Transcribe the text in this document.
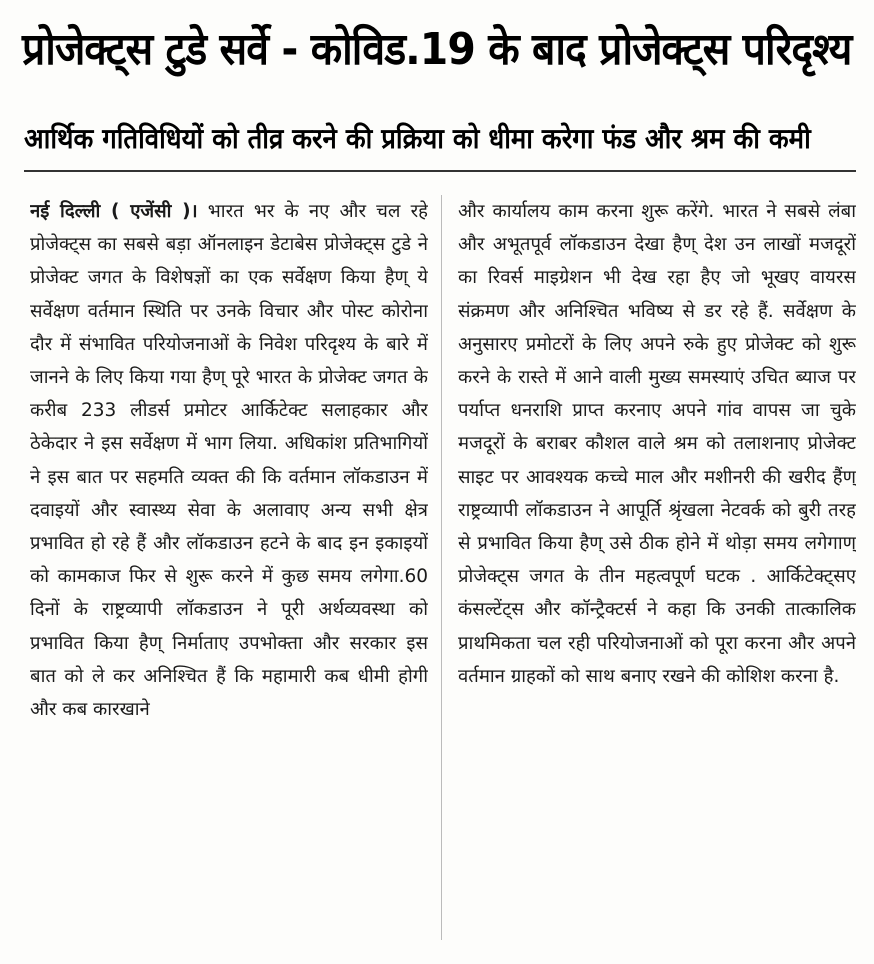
प्रोजेक्ट्स टुडे सर्वे - कोविड.19 के बाद प्रोजेक्ट्स परिदृश्य
आर्थिक गतिविधियों को तीव्र करने की प्रक्रिया को धीमा करेगा फंड और श्रम की कमी
नई दिल्ली ( एजेंसी )। भारत भर के नए और चल रहे प्रोजेक्ट्स का सबसे बड़ा ऑनलाइन डेटाबेस प्रोजेक्ट्स टुडे ने प्रोजेक्ट जगत के विशेषज्ञों का एक सर्वेक्षण किया हैण् ये सर्वेक्षण वर्तमान स्थिति पर उनके विचार और पोस्ट कोरोना दौर में संभावित परियोजनाओं के निवेश परिदृश्य के बारे में जानने के लिए किया गया हैण् पूरे भारत के प्रोजेक्ट जगत के करीब 233 लीडर्स प्रमोटर आर्किटेक्ट सलाहकार और ठेकेदार ने इस सर्वेक्षण में भाग लिया. अधिकांश प्रतिभागियों ने इस बात पर सहमति व्यक्त की कि वर्तमान लॉकडाउन में दवाइयों और स्वास्थ्य सेवा के अलावाए अन्य सभी क्षेत्र प्रभावित हो रहे हैं और लॉकडाउन हटने के बाद इन इकाइयों को कामकाज फिर से शुरू करने में कुछ समय लगेगा.60 दिनों के राष्ट्रव्यापी लॉकडाउन ने पूरी अर्थव्यवस्था को प्रभावित किया हैण् निर्माताए उपभोक्ता और सरकार इस बात को ले कर अनिश्चित हैं कि महामारी कब धीमी होगी और कब कारखाने
और कार्यालय काम करना शुरू करेंगे. भारत ने सबसे लंबा और अभूतपूर्व लॉकडाउन देखा हैण् देश उन लाखों मजदूरों का रिवर्स माइग्रेशन भी देख रहा हैए जो भूखए वायरस संक्रमण और अनिश्चित भविष्य से डर रहे हैं. सर्वेक्षण के अनुसारए प्रमोटरों के लिए अपने रुके हुए प्रोजेक्ट को शुरू करने के रास्ते में आने वाली मुख्य समस्याएं उचित ब्याज पर पर्याप्त धनराशि प्राप्त करनाए अपने गांव वापस जा चुके मजदूरों के बराबर कौशल वाले श्रम को तलाशनाए प्रोजेक्ट साइट पर आवश्यक कच्चे माल और मशीनरी की खरीद हैंण् राष्ट्रव्यापी लॉकडाउन ने आपूर्ति श्रृंखला नेटवर्क को बुरी तरह से प्रभावित किया हैण् उसे ठीक होने में थोड़ा समय लगेगाण् प्रोजेक्ट्स जगत के तीन महत्वपूर्ण घटक . आर्किटेक्ट्सए कंसल्टेंट्स और कॉन्ट्रैक्टर्स ने कहा कि उनकी तात्कालिक प्राथमिकता चल रही परियोजनाओं को पूरा करना और अपने वर्तमान ग्राहकों को साथ बनाए रखने की कोशिश करना है.
